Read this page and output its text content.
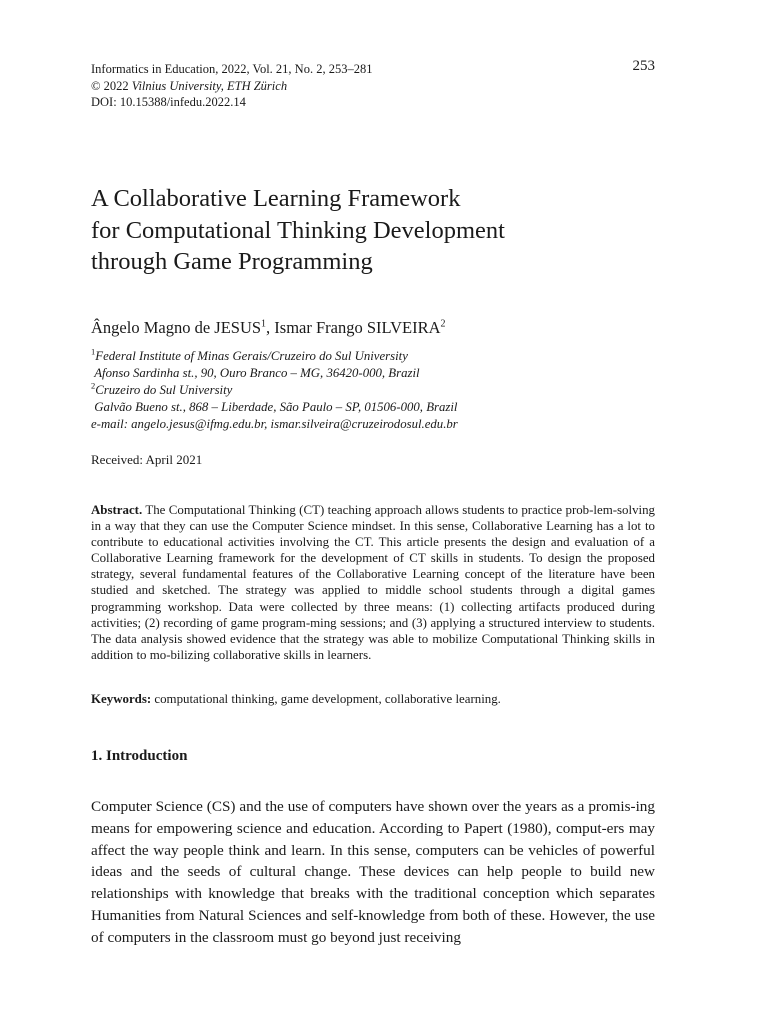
Informatics in Education, 2022, Vol. 21, No. 2, 253–281
© 2022 Vilnius University, ETH Zürich
DOI: 10.15388/infedu.2022.14
253
A Collaborative Learning Framework
for Computational Thinking Development
through Game Programming
Ângelo Magno de JESUS$^1$, Ismar Frango SILVEIRA$^2$
$^1$Federal Institute of Minas Gerais/Cruzeiro do Sul University
Afonso Sardinha st., 90, Ouro Branco – MG, 36420-000, Brazil
$^2$Cruzeiro do Sul University
Galvão Bueno st., 868 – Liberdade, São Paulo – SP, 01506-000, Brazil
e-mail: angelo.jesus@ifmg.edu.br, ismar.silveira@cruzeirodosul.edu.br
Received: April 2021
Abstract. The Computational Thinking (CT) teaching approach allows students to practice prob-lem-solving in a way that they can use the Computer Science mindset. In this sense, Collaborative Learning has a lot to contribute to educational activities involving the CT. This article presents the design and evaluation of a Collaborative Learning framework for the development of CT skills in students. To design the proposed strategy, several fundamental features of the Collaborative Learning concept of the literature have been studied and sketched. The strategy was applied to middle school students through a digital games programming workshop. Data were collected by three means: (1) collecting artifacts produced during activities; (2) recording of game program-ming sessions; and (3) applying a structured interview to students. The data analysis showed evidence that the strategy was able to mobilize Computational Thinking skills in addition to mo-bilizing collaborative skills in learners.
Keywords: computational thinking, game development, collaborative learning.
1. Introduction
Computer Science (CS) and the use of computers have shown over the years as a promis-ing means for empowering science and education. According to Papert (1980), comput-ers may affect the way people think and learn. In this sense, computers can be vehicles of powerful ideas and the seeds of cultural change. These devices can help people to build new relationships with knowledge that breaks with the traditional conception which separates Humanities from Natural Sciences and self-knowledge from both of these. However, the use of computers in the classroom must go beyond just receiving
